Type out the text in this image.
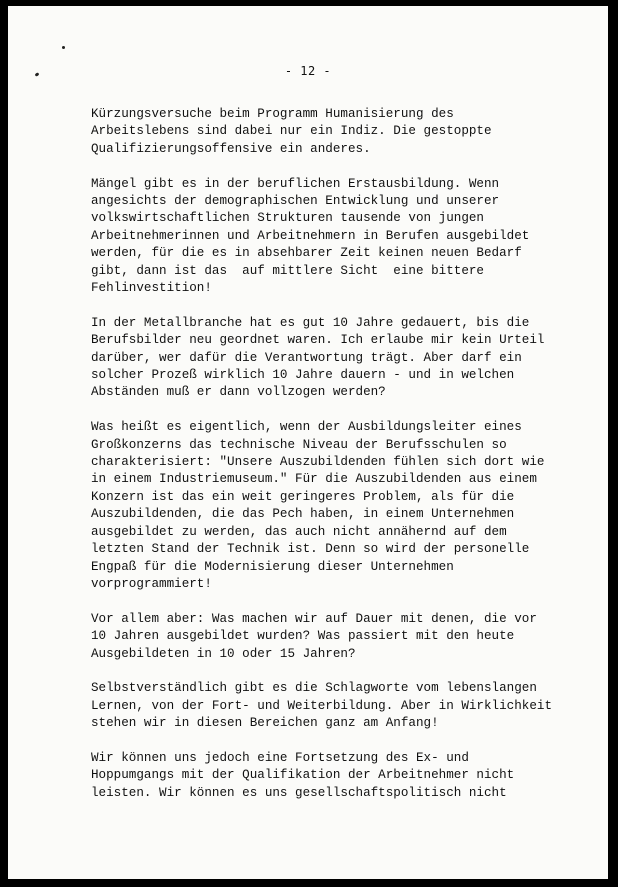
- 12 -

Kürzungsversuche beim Programm Humanisierung des
Arbeitslebens sind dabei nur ein Indiz. Die gestoppte
Qualifizierungsoffensive ein anderes.

Mängel gibt es in der beruflichen Erstausbildung. Wenn
angesichts der demographischen Entwicklung und unserer
volkswirtschaftlichen Strukturen tausende von jungen
Arbeitnehmerinnen und Arbeitnehmern in Berufen ausgebildet
werden, für die es in absehbarer Zeit keinen neuen Bedarf
gibt, dann ist das  auf mittlere Sicht  eine bittere
Fehlinvestition!

In der Metallbranche hat es gut 10 Jahre gedauert, bis die
Berufsbilder neu geordnet waren. Ich erlaube mir kein Urteil
darüber, wer dafür die Verantwortung trägt. Aber darf ein
solcher Prozeß wirklich 10 Jahre dauern - und in welchen
Abständen muß er dann vollzogen werden?

Was heißt es eigentlich, wenn der Ausbildungsleiter eines
Großkonzerns das technische Niveau der Berufsschulen so
charakterisiert: "Unsere Auszubildenden fühlen sich dort wie
in einem Industriemuseum." Für die Auszubildenden aus einem
Konzern ist das ein weit geringeres Problem, als für die
Auszubildenden, die das Pech haben, in einem Unternehmen
ausgebildet zu werden, das auch nicht annähernd auf dem
letzten Stand der Technik ist. Denn so wird der personelle
Engpaß für die Modernisierung dieser Unternehmen
vorprogrammiert!

Vor allem aber: Was machen wir auf Dauer mit denen, die vor
10 Jahren ausgebildet wurden? Was passiert mit den heute
Ausgebildeten in 10 oder 15 Jahren?

Selbstverständlich gibt es die Schlagworte vom lebenslangen
Lernen, von der Fort- und Weiterbildung. Aber in Wirklichkeit
stehen wir in diesen Bereichen ganz am Anfang!

Wir können uns jedoch eine Fortsetzung des Ex- und
Hoppumgangs mit der Qualifikation der Arbeitnehmer nicht
leisten. Wir können es uns gesellschaftspolitisch nicht
